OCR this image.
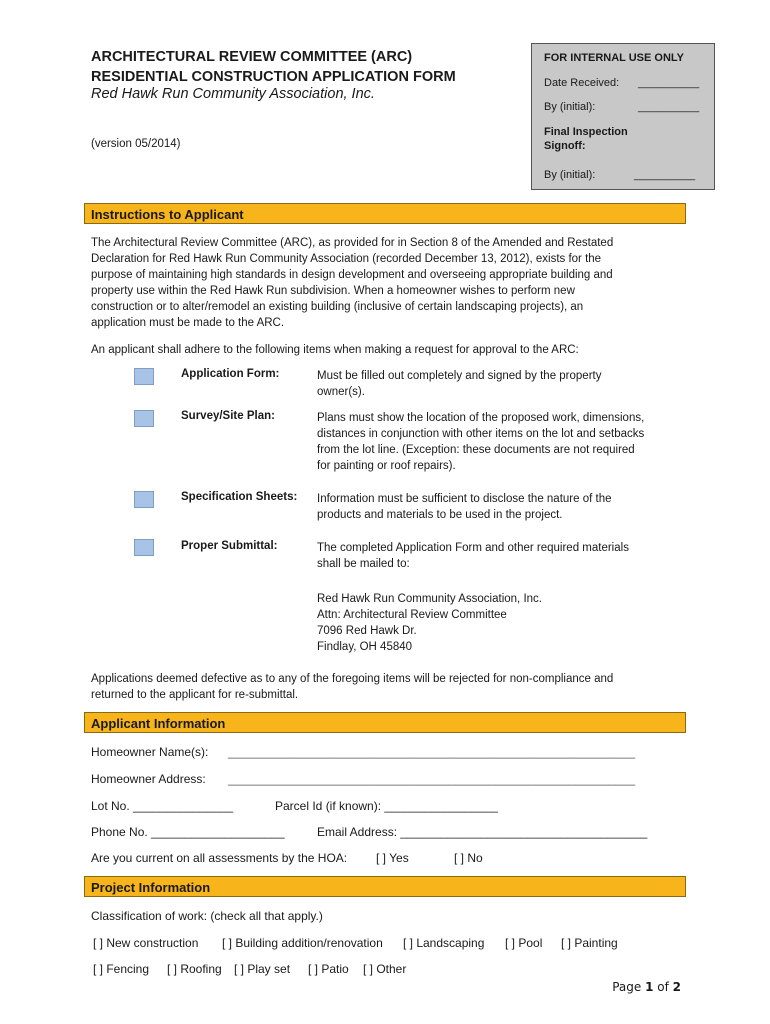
ARCHITECTURAL REVIEW COMMITTEE (ARC)
RESIDENTIAL CONSTRUCTION APPLICATION FORM
Red Hawk Run Community Association, Inc.
(version 05/2014)
FOR INTERNAL USE ONLY
Date Received: __________
By (initial):	__________
Final Inspection
Signoff:
By (initial):	__________
Instructions to Applicant
The Architectural Review Committee (ARC), as provided for in Section 8 of the Amended and Restated
Declaration for Red Hawk Run Community Association (recorded December 13, 2012), exists for the
purpose of maintaining high standards in design development and overseeing appropriate building and
property use within the Red Hawk Run subdivision. When a homeowner wishes to perform new
construction or to alter/remodel an existing building (inclusive of certain landscaping projects), an
application must be made to the ARC.
An applicant shall adhere to the following items when making a request for approval to the ARC:
Application Form:	Must be filled out completely and signed by the property
owner(s).
Survey/Site Plan:	Plans must show the location of the proposed work, dimensions,
distances in conjunction with other items on the lot and setbacks
from the lot line. (Exception: these documents are not required
for painting or roof repairs).
Specification Sheets: Information must be sufficient to disclose the nature of the
products and materials to be used in the project.
Proper Submittal:	The completed Application Form and other required materials
shall be mailed to:
Red Hawk Run Community Association, Inc.
Attn: Architectural Review Committee
7096 Red Hawk Dr.
Findlay, OH 45840
Applications deemed defective as to any of the foregoing items will be rejected for non-compliance and
returned to the applicant for re-submittal.
Applicant Information
Homeowner Name(s): _____________________________________________________________
Homeowner Address: _____________________________________________________________
Lot No. _______________	Parcel Id (if known): _________________
Phone No. ____________________	Email Address: _____________________________________
Are you current on all assessments by the HOA: [ ] Yes	[ ] No
Project Information
Classification of work: (check all that apply.)
[ ] New construction [ ] Building addition/renovation [ ] Landscaping [ ] Pool [ ] Painting
[ ] Fencing [ ] Roofing [ ] Play set [ ] Patio [ ] Other
Page 1 of 2
